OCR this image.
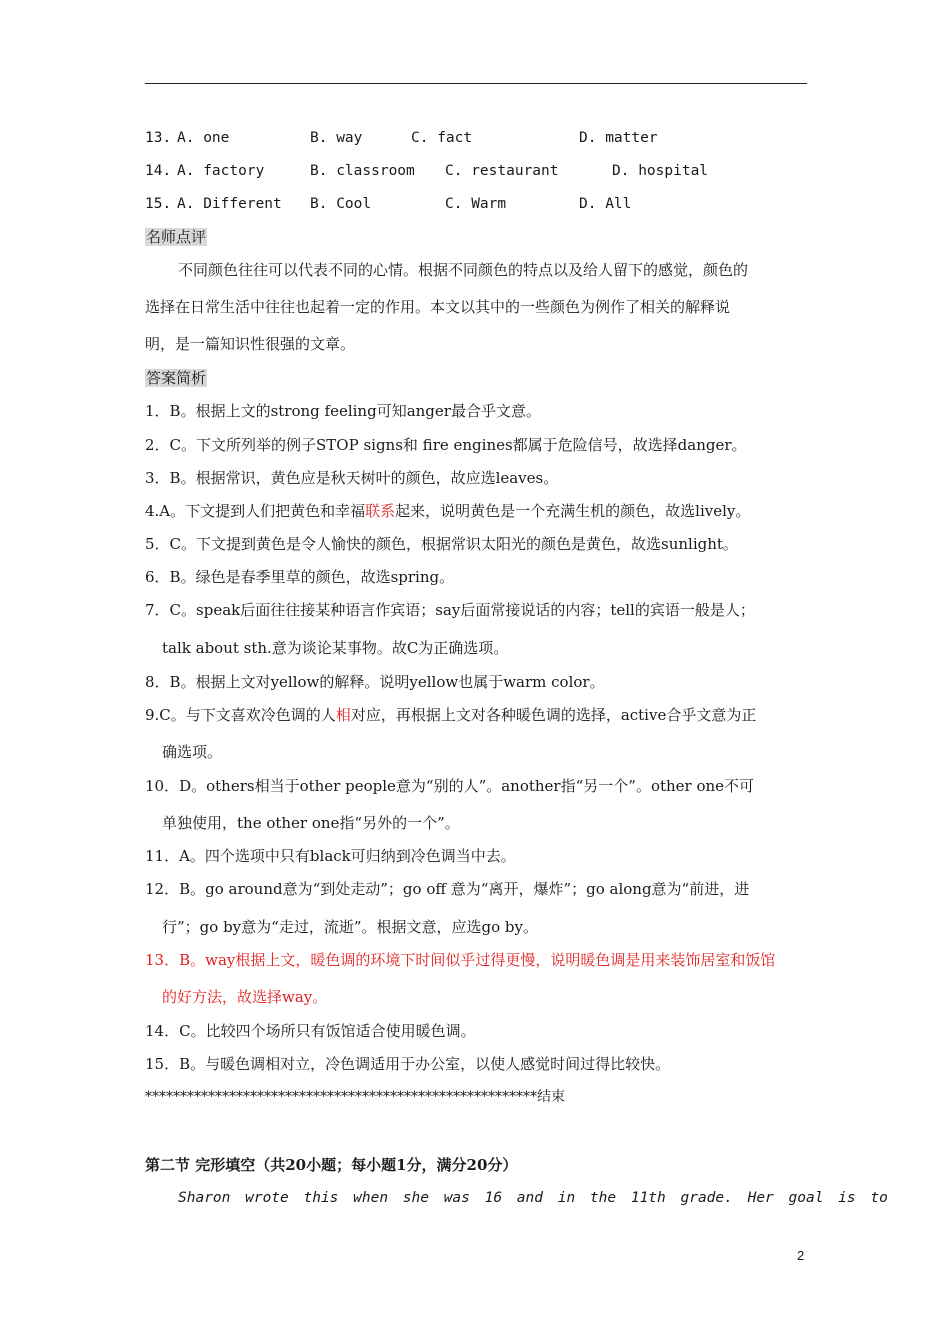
13. A. one	B. way	C. fact	D. matter
14. A. factory	B. classroom C. restaurant	D. hospital
15. A. Different B. Cool	C. Warm	D. All
名师点评
不同颜色往往可以代表不同的心情。根据不同颜色的特点以及给人留下的感觉，颜色的
选择在日常生活中往往也起着一定的作用。本文以其中的一些颜色为例作了相关的解释说
明，是一篇知识性很强的文章。
答案简析
1．B。根据上文的strong feeling可知anger最合乎文意。
2．C。下文所列举的例子STOP signs和 fire engines都属于危险信号，故选择danger。
3．B。根据常识，黄色应是秋天树叶的颜色，故应选leaves。
4.A。下文提到人们把黄色和幸福联系起来，说明黄色是一个充满生机的颜色，故选lively。
5．C。下文提到黄色是令人愉快的颜色，根据常识太阳光的颜色是黄色，故选sunlight。
6．B。绿色是春季里草的颜色，故选spring。
7．C。speak后面往往接某种语言作宾语；say后面常接说话的内容；tell的宾语一般是人；
talk about sth.意为谈论某事物。故C为正确选项。
8．B。根据上文对yellow的解释。说明yellow也属于warm color。
9.C。与下文喜欢冷色调的人相对应，再根据上文对各种暖色调的选择，active合乎文意为正
确选项。
10．D。others相当于other people意为“别的人”。another指“另一个”。other one不可
单独使用，the other one指“另外的一个”。
11．A。四个选项中只有black可归纳到冷色调当中去。
12．B。go around意为“到处走动”；go off 意为“离开，爆炸”；go along意为“前进，进
行”；go by意为“走过，流逝”。根据文意，应选go by。
13．B。way根据上文，暖色调的环境下时间似乎过得更慢，说明暖色调是用来装饰居室和饭馆
的好方法，故选择way。
14．C。比较四个场所只有饭馆适合使用暖色调。
15．B。与暖色调相对立，冷色调适用于办公室，以使人感觉时间过得比较快。
********************************************************结束
第二节 完形填空（共20小题；每小题1分，满分20分）
Sharon wrote this when she was 16 and in the 11th grade. Her goal is to
2
